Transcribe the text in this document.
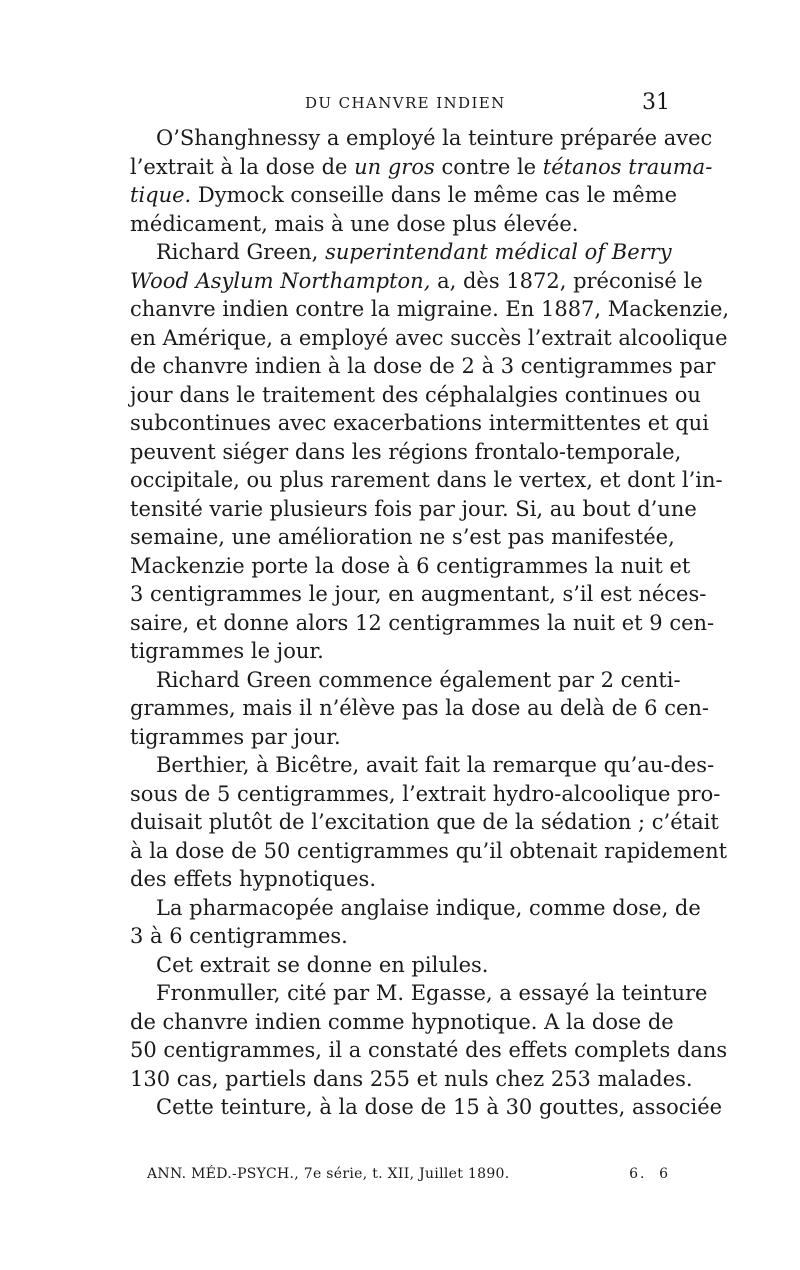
DU CHANVRE INDIEN	31
O’Shanghnessy a employé la teinture préparée avec
l’extrait à la dose de un gros contre le tétanos trauma-
tique. Dymock conseille dans le même cas le même
médicament, mais à une dose plus élevée.
Richard Green, superintendant médical of Berry
Wood Asylum Northampton, a, dès 1872, préconisé le
chanvre indien contre la migraine. En 1887, Mackenzie,
en Amérique, a employé avec succès l’extrait alcoolique
de chanvre indien à la dose de 2 à 3 centigrammes par
jour dans le traitement des céphalalgies continues ou
subcontinues avec exacerbations intermittentes et qui
peuvent siéger dans les régions frontalo-temporale,
occipitale, ou plus rarement dans le vertex, et dont l’in-
tensité varie plusieurs fois par jour. Si, au bout d’une
semaine, une amélioration ne s’est pas manifestée,
Mackenzie porte la dose à 6 centigrammes la nuit et
3 centigrammes le jour, en augmentant, s’il est néces-
saire, et donne alors 12 centigrammes la nuit et 9 cen-
tigrammes le jour.
Richard Green commence également par 2 centi-
grammes, mais il n’élève pas la dose au delà de 6 cen-
tigrammes par jour.
Berthier, à Bicêtre, avait fait la remarque qu’au-des-
sous de 5 centigrammes, l’extrait hydro-alcoolique pro-
duisait plutôt de l’excitation que de la sédation ; c’était
à la dose de 50 centigrammes qu’il obtenait rapidement
des effets hypnotiques.
La pharmacopée anglaise indique, comme dose, de
3 à 6 centigrammes.
Cet extrait se donne en pilules.
Fronmuller, cité par M. Egasse, a essayé la teinture
de chanvre indien comme hypnotique. A la dose de
50 centigrammes, il a constaté des effets complets dans
130 cas, partiels dans 255 et nuls chez 253 malades.
Cette teinture, à la dose de 15 à 30 gouttes, associée
ANN. MÉD.-PSYCH., 7e série, t. XII, Juillet 1890.	6. 6
